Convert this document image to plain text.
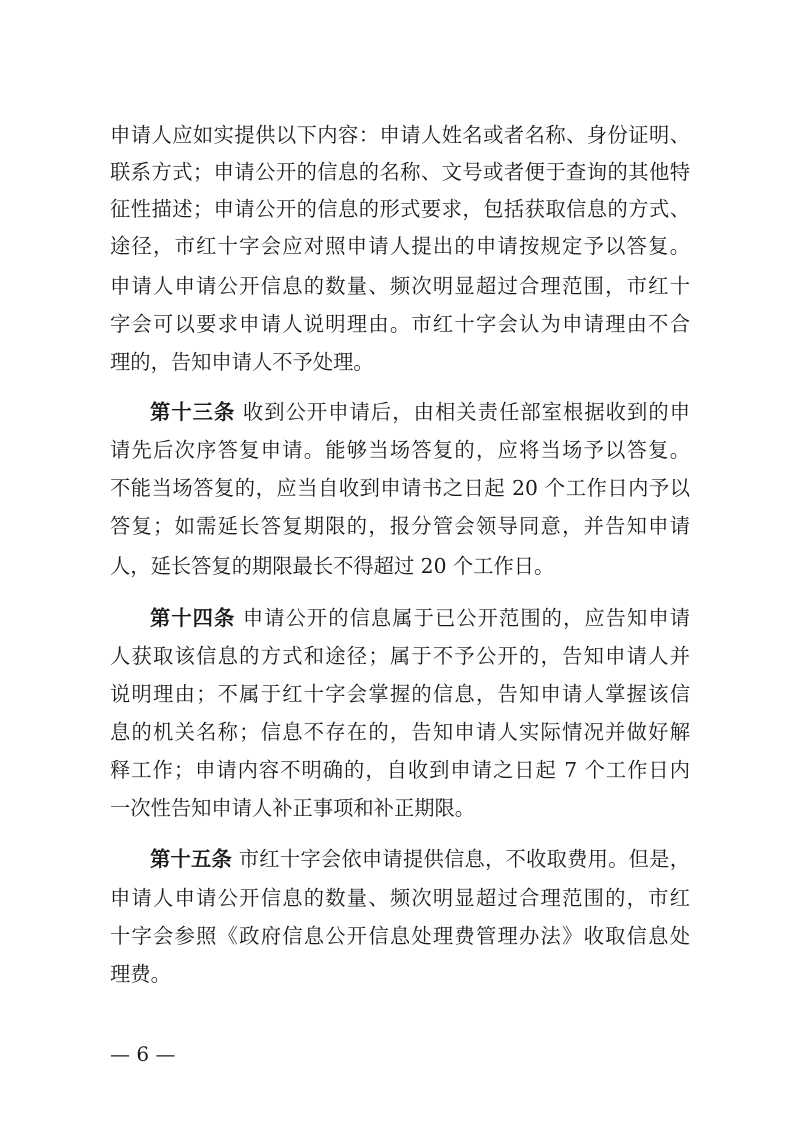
申请人应如实提供以下内容：申请人姓名或者名称、身份证明、
联系方式；申请公开的信息的名称、文号或者便于查询的其他特
征性描述；申请公开的信息的形式要求，包括获取信息的方式、
途径，市红十字会应对照申请人提出的申请按规定予以答复。
申请人申请公开信息的数量、频次明显超过合理范围，市红十
字会可以要求申请人说明理由。市红十字会认为申请理由不合
理的，告知申请人不予处理。
第十三条 收到公开申请后，由相关责任部室根据收到的申
请先后次序答复申请。能够当场答复的，应将当场予以答复。
不能当场答复的，应当自收到申请书之日起 20 个工作日内予以
答复；如需延长答复期限的，报分管会领导同意，并告知申请
人，延长答复的期限最长不得超过 20 个工作日。
第十四条 申请公开的信息属于已公开范围的，应告知申请
人获取该信息的方式和途径；属于不予公开的，告知申请人并
说明理由；不属于红十字会掌握的信息，告知申请人掌握该信
息的机关名称；信息不存在的，告知申请人实际情况并做好解
释工作；申请内容不明确的，自收到申请之日起 7 个工作日内
一次性告知申请人补正事项和补正期限。
第十五条 市红十字会依申请提供信息，不收取费用。但是，
申请人申请公开信息的数量、频次明显超过合理范围的，市红
十字会参照《政府信息公开信息处理费管理办法》收取信息处
理费。
— 6 —
